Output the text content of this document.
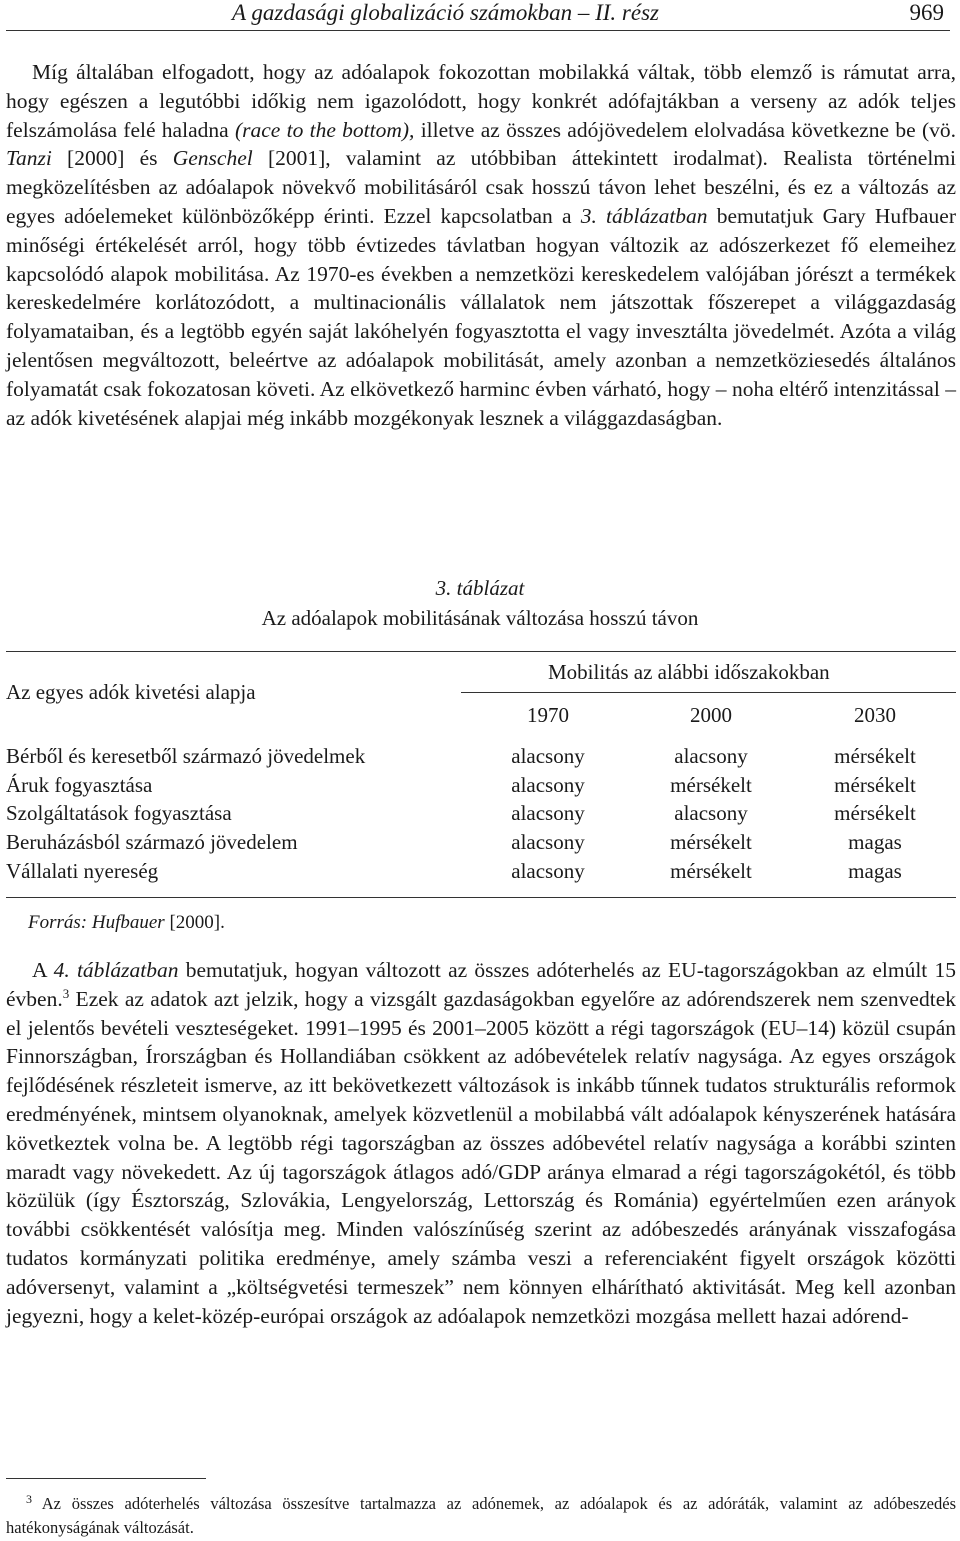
A gazdasági globalizáció számokban – II. rész	969

Míg általában elfogadott, hogy az adóalapok fokozottan mobilakká váltak, több elemző is rámutat arra, hogy egészen a legutóbbi időkig nem igazolódott, hogy konkrét adófajtákban a verseny az adók teljes felszámolása felé haladna (race to the bottom), illetve az összes adójövedelem elolvadása következne be (vö. Tanzi [2000] és Genschel [2001], valamint az utóbbiban áttekintett irodalmat). Realista történelmi megközelítésben az adóalapok növekvő mobilitásáról csak hosszú távon lehet beszélni, és ez a változás az egyes adóelemeket különbözőképp érinti. Ezzel kapcsolatban a 3. táblázatban bemutatjuk Gary Hufbauer minőségi értékelését arról, hogy több évtizedes távlatban hogyan változik az adószerkezet fő elemeihez kapcsolódó alapok mobilitása. Az 1970-es években a nemzetközi kereskedelem valójában jórészt a termékek kereskedelmére korlátozódott, a multinacionális vállalatok nem játszottak főszerepet a világgazdaság folyamataiban, és a legtöbb egyén saját lakóhelyén fogyasztotta el vagy invesztálta jövedelmét. Azóta a világ jelentősen megváltozott, beleértve az adóalapok mobilitását, amely azonban a nemzetköziesedés általános folyamatát csak fokozatosan követi. Az elkövetkező harminc évben várható, hogy – noha eltérő intenzitással – az adók kivetésének alapjai még inkább mozgékonyak lesznek a világgazdaságban.

3. táblázat
Az adóalapok mobilitásának változása hosszú távon
Az egyes adók kivetési alapja
Mobilitás az alábbi időszakokban
1970	2000	2030
Bérből és keresetből származó jövedelmek	alacsony	alacsony	mérsékelt
Áruk fogyasztása	alacsony	mérsékelt	mérsékelt
Szolgáltatások fogyasztása	alacsony	alacsony	mérsékelt
Beruházásból származó jövedelem	alacsony	mérsékelt	magas
Vállalati nyereség	alacsony	mérsékelt	magas
Forrás: Hufbauer [2000].

A 4. táblázatban bemutatjuk, hogyan változott az összes adóterhelés az EU-tagországokban az elmúlt 15 évben.$^3$ Ezek az adatok azt jelzik, hogy a vizsgált gazdaságokban egyelőre az adórendszerek nem szenvedtek el jelentős bevételi veszteségeket. 1991–1995 és 2001–2005 között a régi tagországok (EU–14) közül csupán Finnországban, Írországban és Hollandiában csökkent az adóbevételek relatív nagysága. Az egyes országok fejlődésének részleteit ismerve, az itt bekövetkezett változások is inkább tűnnek tudatos strukturális reformok eredményének, mintsem olyanoknak, amelyek közvetlenül a mobilabbá vált adóalapok kényszerének hatására következtek volna be. A legtöbb régi tagországban az összes adóbevétel relatív nagysága a korábbi szinten maradt vagy növekedett. Az új tagországok átlagos adó/GDP aránya elmarad a régi tagországokétól, és több közülük (így Észtország, Szlovákia, Lengyelország, Lettország és Románia) egyértelműen ezen arányok további csökkentését valósítja meg. Minden valószínűség szerint az adóbeszedés arányának visszafogása tudatos kormányzati politika eredménye, amely számba veszi a referenciaként figyelt országok közötti adóversenyt, valamint a „költségvetési termeszek” nem könnyen elhárítható aktivitását. Meg kell azonban jegyezni, hogy a kelet-közép-európai országok az adóalapok nemzetközi mozgása mellett hazai adórend-

$^3$ Az összes adóterhelés változása összesítve tartalmazza az adónemek, az adóalapok és az adóráták, valamint az adóbeszedés hatékonyságának változását.
